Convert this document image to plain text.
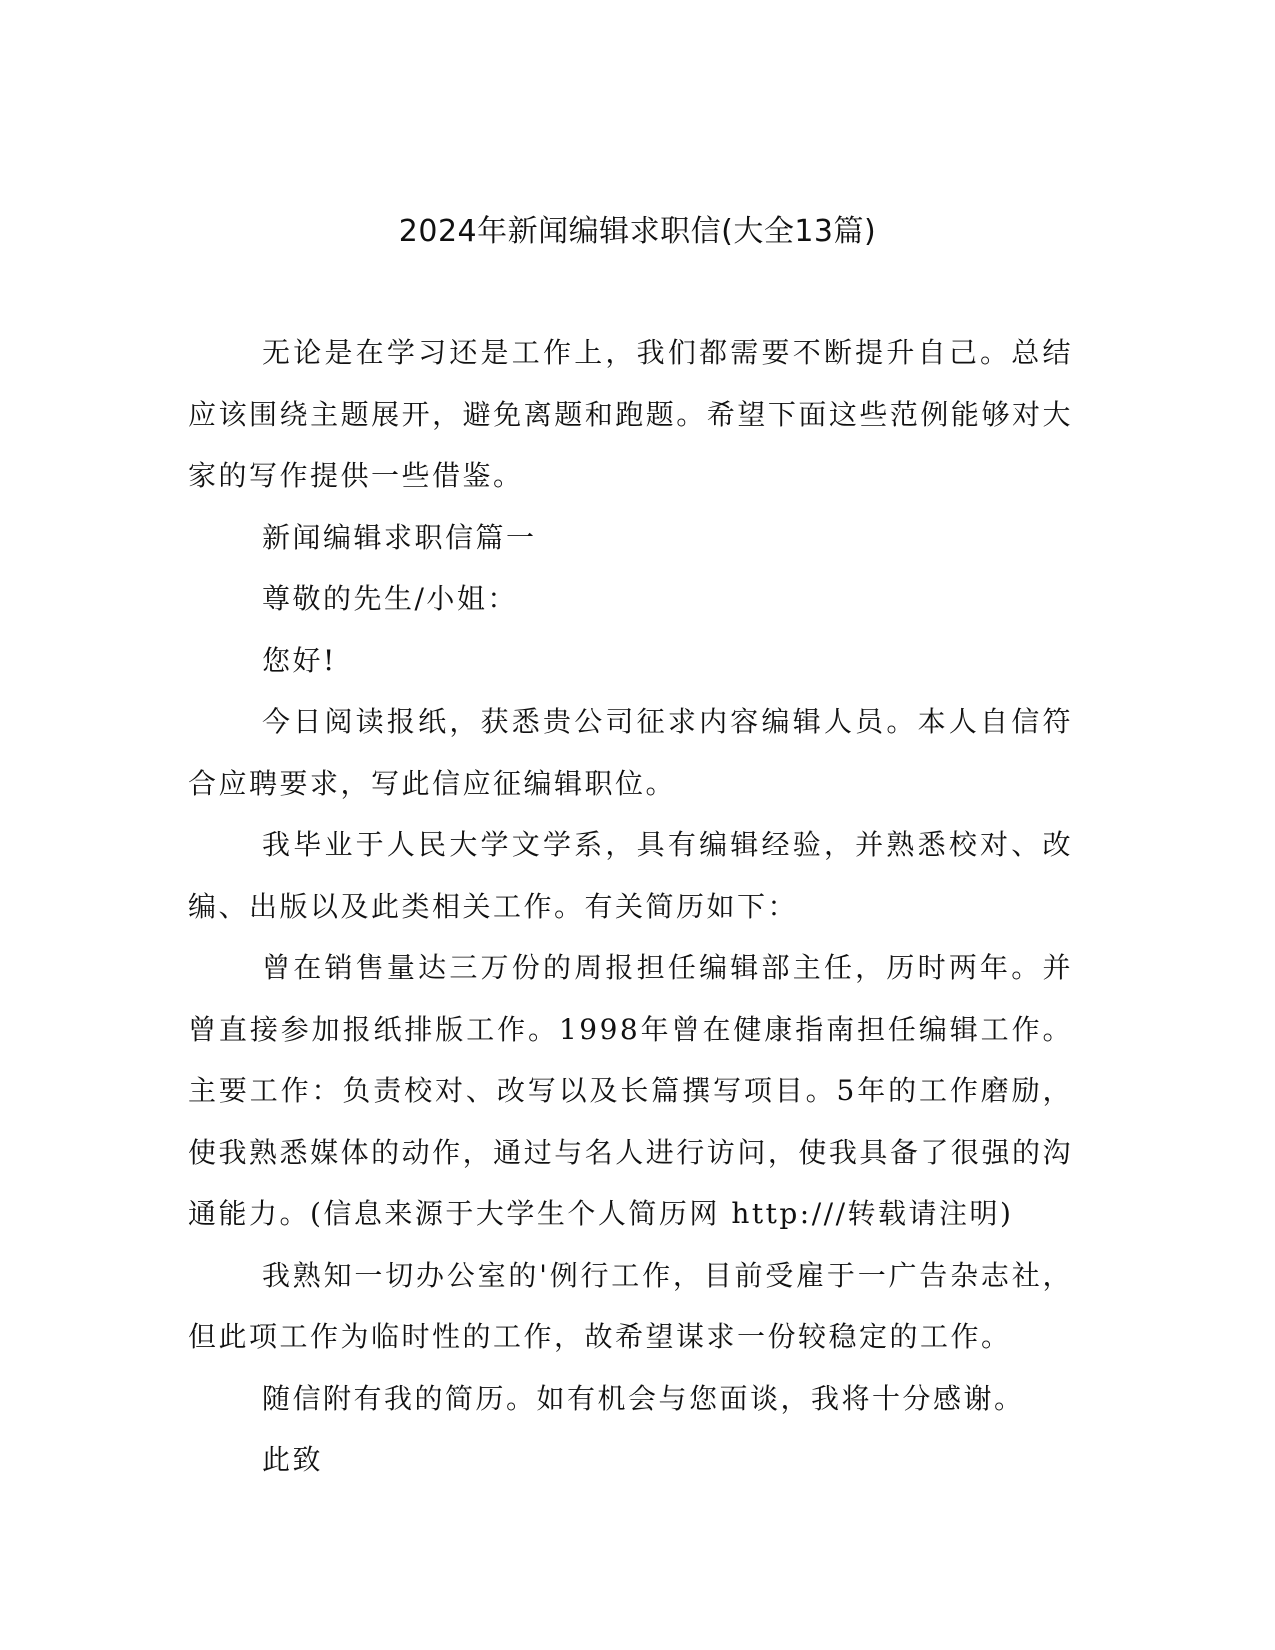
2024年新闻编辑求职信(大全13篇)

无论是在学习还是工作上，我们都需要不断提升自己。总结应该围绕主题展开，避免离题和跑题。希望下面这些范例能够对大家的写作提供一些借鉴。

新闻编辑求职信篇一

尊敬的先生/小姐：

您好!

今日阅读报纸，获悉贵公司征求内容编辑人员。本人自信符合应聘要求，写此信应征编辑职位。

我毕业于人民大学文学系，具有编辑经验，并熟悉校对、改编、出版以及此类相关工作。有关简历如下：

曾在销售量达三万份的周报担任编辑部主任，历时两年。并曾直接参加报纸排版工作。1998年曾在健康指南担任编辑工作。主要工作：负责校对、改写以及长篇撰写项目。5年的工作磨励，使我熟悉媒体的动作，通过与名人进行访问，使我具备了很强的沟通能力。(信息来源于大学生个人简历网 http:///转载请注明)

我熟知一切办公室的'例行工作，目前受雇于一广告杂志社，但此项工作为临时性的工作，故希望谋求一份较稳定的工作。

随信附有我的简历。如有机会与您面谈，我将十分感谢。

此致
